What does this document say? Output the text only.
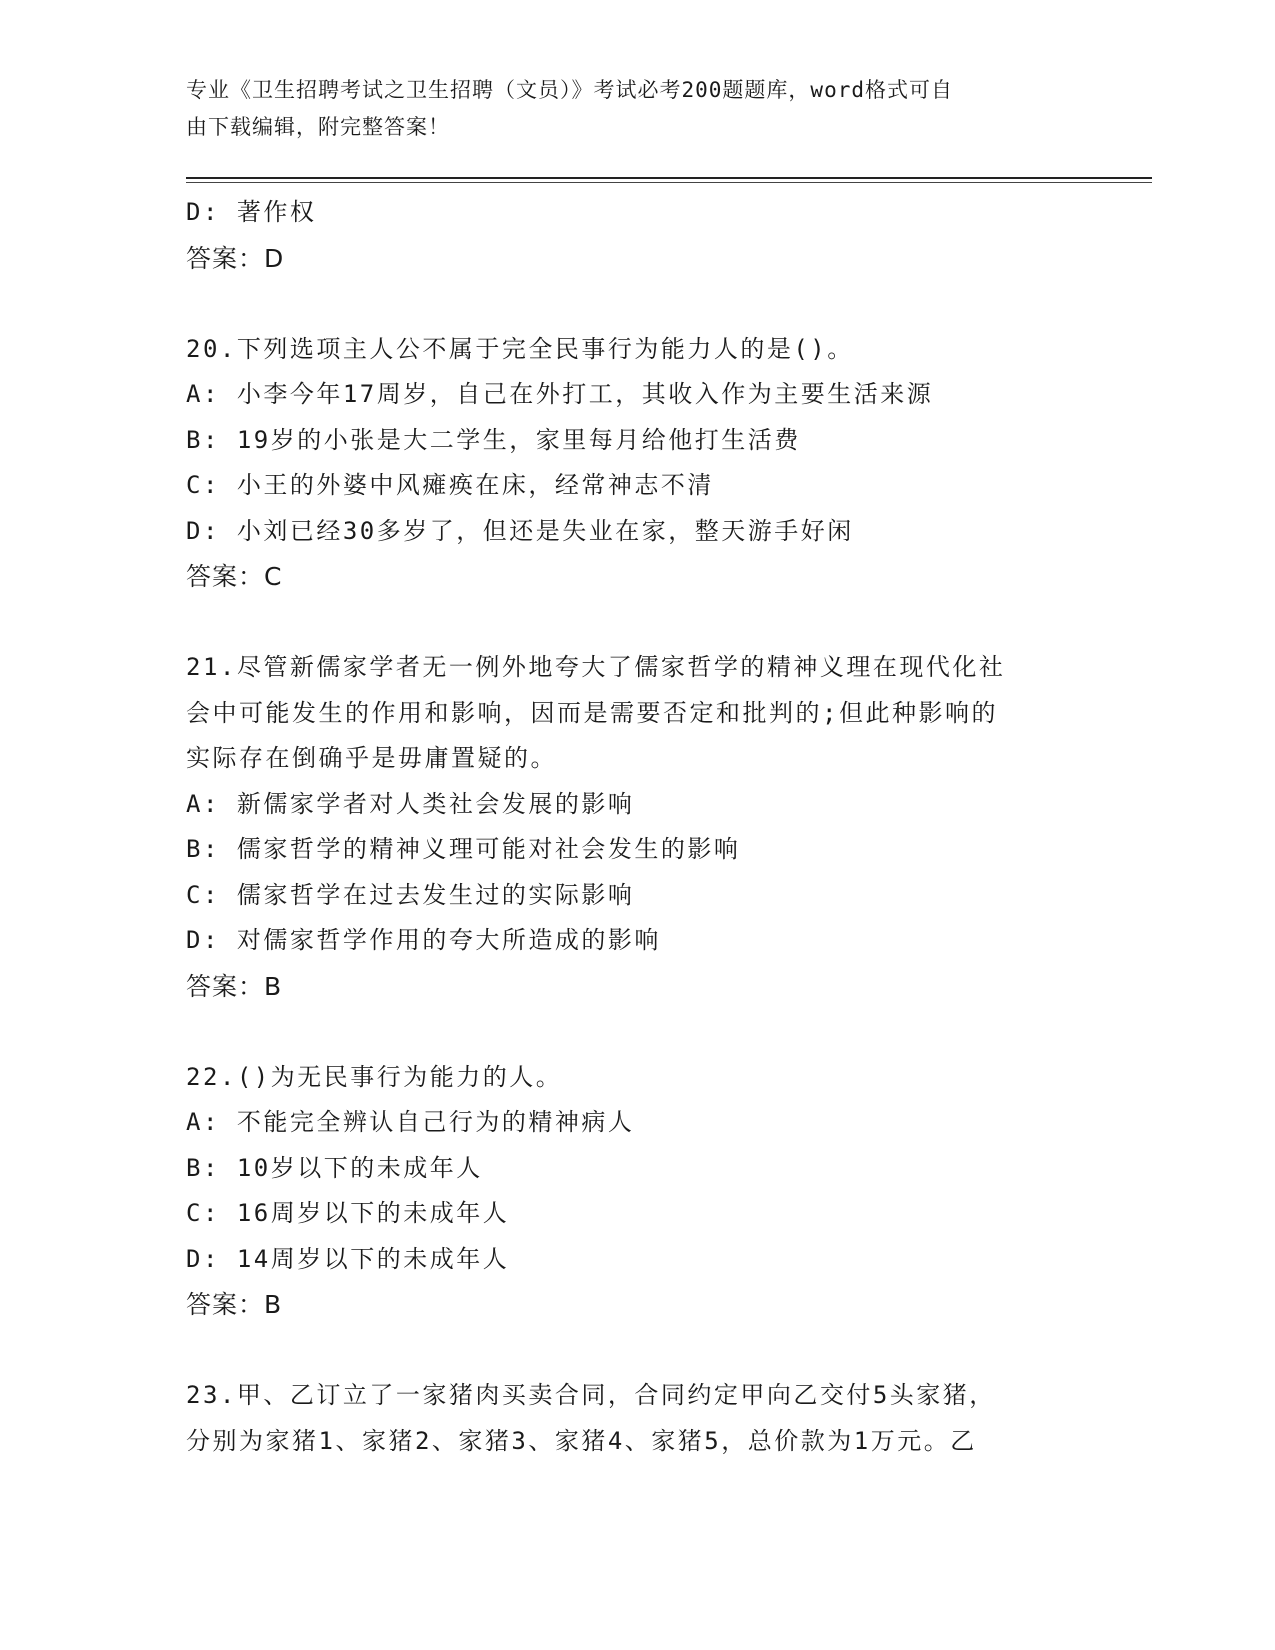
专业《卫生招聘考试之卫生招聘（文员）》考试必考200题题库，word格式可自
由下载编辑，附完整答案！
D: 著作权
答案：D
20.下列选项主人公不属于完全民事行为能力人的是()。
A: 小李今年17周岁，自己在外打工，其收入作为主要生活来源
B: 19岁的小张是大二学生，家里每月给他打生活费
C: 小王的外婆中风瘫痪在床，经常神志不清
D: 小刘已经30多岁了，但还是失业在家，整天游手好闲
答案：C
21.尽管新儒家学者无一例外地夸大了儒家哲学的精神义理在现代化社
会中可能发生的作用和影响，因而是需要否定和批判的;但此种影响的
实际存在倒确乎是毋庸置疑的。
A: 新儒家学者对人类社会发展的影响
B: 儒家哲学的精神义理可能对社会发生的影响
C: 儒家哲学在过去发生过的实际影响
D: 对儒家哲学作用的夸大所造成的影响
答案：B
22.()为无民事行为能力的人。
A: 不能完全辨认自己行为的精神病人
B: 10岁以下的未成年人
C: 16周岁以下的未成年人
D: 14周岁以下的未成年人
答案：B
23.甲、乙订立了一家猪肉买卖合同，合同约定甲向乙交付5头家猪，
分别为家猪1、家猪2、家猪3、家猪4、家猪5，总价款为1万元。乙
